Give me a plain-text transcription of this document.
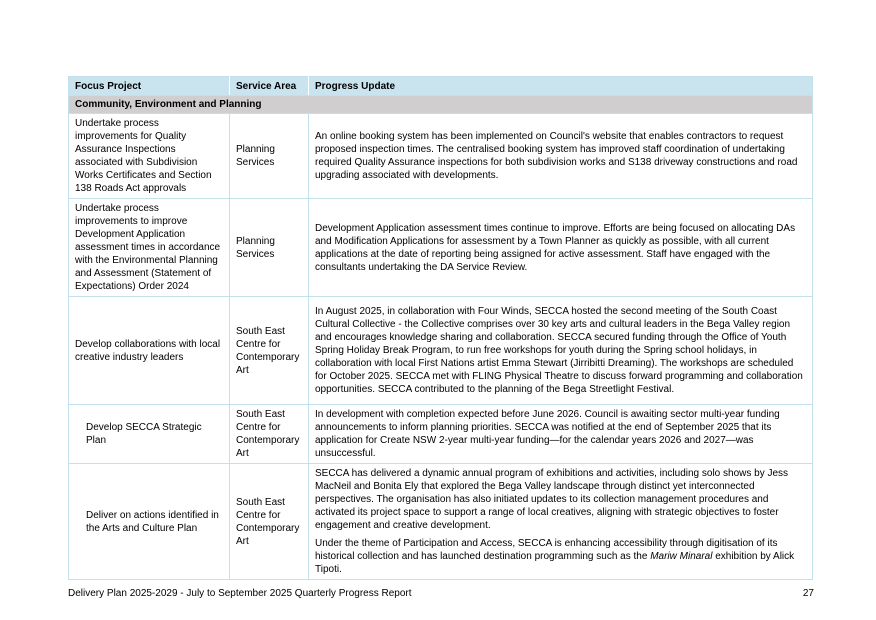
Focus Project	Service Area	Progress Update
Community, Environment and Planning		
Undertake process improvements for Quality Assurance Inspections associated with Subdivision Works Certificates and Section 138 Roads Act approvals	Planning Services	An online booking system has been implemented on Council's website that enables contractors to request proposed inspection times. The centralised booking system has improved staff coordination of undertaking required Quality Assurance inspections for both subdivision works and S138 driveway constructions and road upgrading associated with developments.
Undertake process improvements to improve Development Application assessment times in accordance with the Environmental Planning and Assessment (Statement of Expectations) Order 2024	Planning Services	Development Application assessment times continue to improve. Efforts are being focused on allocating DAs and Modification Applications for assessment by a Town Planner as quickly as possible, with all current applications at the date of reporting being assigned for active assessment. Staff have engaged with the consultants undertaking the DA Service Review.
Develop collaborations with local creative industry leaders	South East Centre for Contemporary Art	In August 2025, in collaboration with Four Winds, SECCA hosted the second meeting of the South Coast Cultural Collective - the Collective comprises over 30 key arts and cultural leaders in the Bega Valley region and encourages knowledge sharing and collaboration. SECCA secured funding through the Office of Youth Spring Holiday Break Program, to run free workshops for youth during the Spring school holidays, in collaboration with local First Nations artist Emma Stewart (Jirribitti Dreaming). The workshops are scheduled for October 2025. SECCA met with FLING Physical Theatre to discuss forward programming and collaboration opportunities. SECCA contributed to the planning of the Bega Streetlight Festival.
Develop SECCA Strategic Plan	South East Centre for Contemporary Art	In development with completion expected before June 2026. Council is awaiting sector multi-year funding announcements to inform planning priorities. SECCA was notified at the end of September 2025 that its application for Create NSW 2-year multi-year funding—for the calendar years 2026 and 2027—was unsuccessful.
Deliver on actions identified in the Arts and Culture Plan	South East Centre for Contemporary Art	SECCA has delivered a dynamic annual program of exhibitions and activities, including solo shows by Jess MacNeil and Bonita Ely that explored the Bega Valley landscape through distinct yet interconnected perspectives. The organisation has also initiated updates to its collection management procedures and activated its project space to support a range of local creatives, aligning with strategic objectives to foster engagement and creative development.

Under the theme of Participation and Access, SECCA is enhancing accessibility through digitisation of its historical collection and has launched destination programming such as the Mariw Minaral exhibition by Alick Tipoti.

Delivery Plan 2025-2029 - July to September 2025 Quarterly Progress Report	27
